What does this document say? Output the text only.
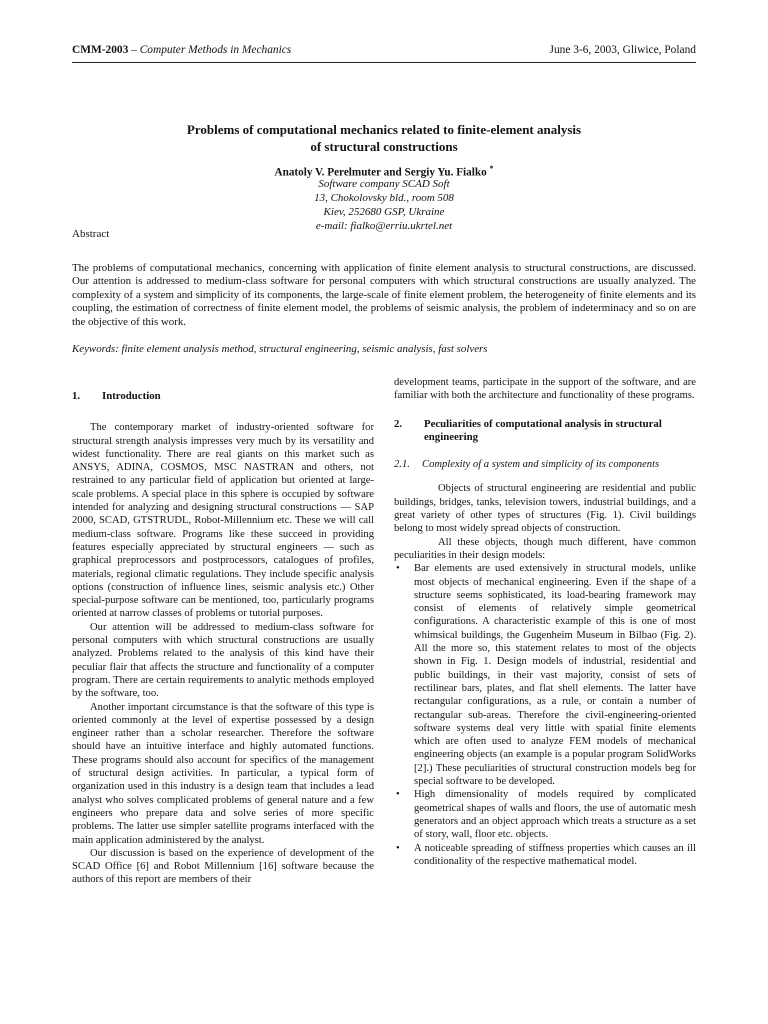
CMM-2003 – Computer Methods in Mechanics	June 3-6, 2003, Gliwice, Poland
Problems of computational mechanics related to finite-element analysis
of structural constructions
Anatoly V. Perelmuter and Sergiy Yu. Fialko *
Software company SCAD Soft
13, Chokolovsky bld., room 508
Kiev, 252680 GSP, Ukraine
e-mail: fialko@erriu.ukrtel.net
Abstract

The problems of computational mechanics, concerning with application of finite element analysis to structural constructions, are discussed. Our attention is addressed to medium-class software for personal computers with which structural constructions are usually analyzed. The complexity of a system and simplicity of its components, the large-scale of finite element problem, the heterogeneity of finite elements and its coupling, the estimation of correctness of finite element model, the problems of seismic analysis, the problem of indeterminacy and so on are the objective of this work.

Keywords: finite element analysis method, structural engineering, seismic analysis, fast solvers

1.	Introduction

The contemporary market of industry-oriented software for structural strength analysis impresses very much by its versatility and widest functionality. There are real giants on this market such as ANSYS, ADINA, COSMOS, MSC NASTRAN and others, not restrained to any particular field of application but oriented at large-scale problems. A special place in this sphere is occupied by software intended for analyzing and designing structural constructions — SAP 2000, SCAD, GTSTRUDL, Robot-Millennium etc. These we will call medium-class software. Programs like these succeed in providing features especially appreciated by structural engineers — such as graphical preprocessors and postprocessors, catalogues of profiles, materials, regional climatic regulations. They include specific analysis options (construction of influence lines, seismic analysis etc.) Other special-purpose software can be mentioned, too, particularly programs oriented at narrow classes of problems or tutorial purposes.

Our attention will be addressed to medium-class software for personal computers with which structural constructions are usually analyzed. Problems related to the analysis of this kind have their peculiar flair that affects the structure and functionality of a computer program. There are certain requirements to analytic methods employed by the software, too.

Another important circumstance is that the software of this type is oriented commonly at the level of expertise possessed by a design engineer rather than a scholar researcher. Therefore the software should have an intuitive interface and highly automated functions. These programs should also account for specifics of the management of structural design activities. In particular, a typical form of organization used in this industry is a design team that includes a lead analyst who solves complicated problems of general nature and a few engineers who prepare data and solve series of more specific problems. The latter use simpler satellite programs interfaced with the main application administered by the analyst.

Our discussion is based on the experience of development of the SCAD Office [6] and Robot Millennium [16] software because the authors of this report are members of their

development teams, participate in the support of the software, and are familiar with both the architecture and functionality of these programs.

2.	Peculiarities of computational analysis in structural engineering
2.1.	Complexity of a system and simplicity of its components

Objects of structural engineering are residential and public buildings, bridges, tanks, television towers, industrial buildings, and a great variety of other types of structures (Fig. 1). Civil buildings belong to most widely spread objects of construction.

All these objects, though much different, have common peculiarities in their design models:

• Bar elements are used extensively in structural models, unlike most objects of mechanical engineering. Even if the shape of a structure seems sophisticated, its load-bearing framework may consist of elements of relatively simple geometrical configurations. A characteristic example of this is one of most whimsical buildings, the Gugenheim Museum in Bilbao (Fig. 2). All the more so, this statement relates to most of the objects shown in Fig. 1. Design models of industrial, residential and public buildings, in their vast majority, consist of sets of rectilinear bars, plates, and flat shell elements. The latter have rectangular configurations, as a rule, or contain a number of rectangular sub-areas. Therefore the civil-engineering-oriented software systems deal very little with spatial finite elements which are often used to analyze FEM models of mechanical engineering objects (an example is a popular program SolidWorks [2].) These peculiarities of structural construction models beg for special software to be developed.
• High dimensionality of models required by complicated geometrical shapes of walls and floors, the use of automatic mesh generators and an object approach which treats a structure as a set of story, wall, floor etc. objects.
• A noticeable spreading of stiffness properties which causes an ill conditionality of the respective mathematical model.
